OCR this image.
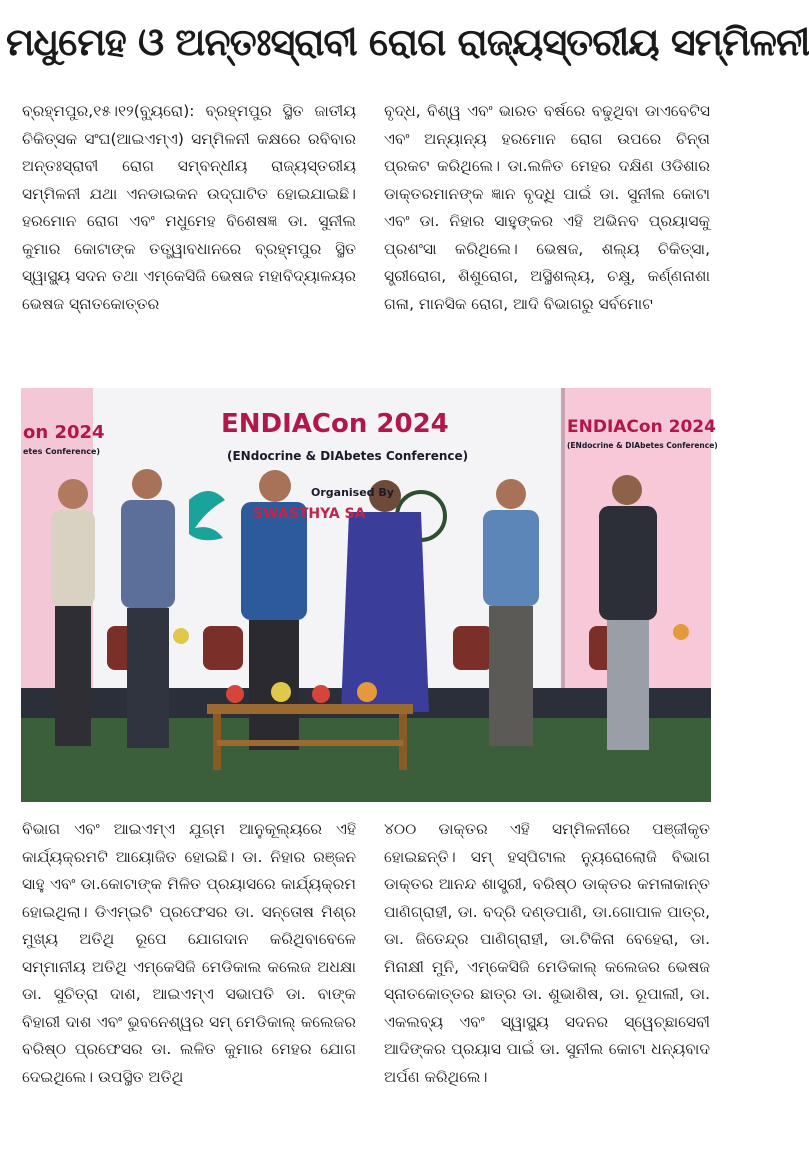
ମଧୁମେହ ଓ ଅନ୍ତଃସ୍ରାବୀ ରୋଗ ରାଜ୍ୟସ୍ତରୀୟ ସମ୍ମିଳନୀ
ବ୍ରହ୍ମପୁର,୧୫।୧୨(ବ୍ୟୁରୋ): ବ୍ରହ୍ମପୁର ସ୍ଥିତ ଜାତୀୟ ଚିକିତ୍ସକ ସଂଘ(ଆଇଏମ୍ଏ) ସମ୍ମିଳନୀ କକ୍ଷରେ ରବିବାର ଅନ୍ତଃସ୍ରାବୀ ରୋଗ ସମ୍ବନ୍ଧୀୟ ରାଜ୍ୟସ୍ତରୀୟ ସମ୍ମିଳନୀ ଯଥା ଏନଡାଇକନ ଉଦ୍‌ଘାଟିତ ହୋଇଯାଇଛି। ହରମୋନ ରୋଗ ଏବଂ ମଧୁମେହ ବିଶେଷଜ୍ଞ ଡା. ସୁନୀଲ କୁମାର କୋଟାଙ୍କ ତତ୍ତ୍ୱାବଧାନରେ ବ୍ରହ୍ମପୁର ସ୍ଥିତ ସ୍ୱାସ୍ଥ୍ୟ ସଦନ ତଥା ଏମ୍‌କେସିଜି ଭେଷଜ ମହାବିଦ୍ୟାଳୟର ଭେଷଜ ସ୍ନାତକୋତ୍ତର
ବୃଦ୍ଧ, ବିଶ୍ୱ ଏବଂ ଭାରତ ବର୍ଷରେ ବଢୁଥିବା ଡାଏବେଟିସ ଏବଂ ଅନ୍ୟାନ୍ୟ ହରମୋନ ରୋଗ ଉପରେ ଚିନ୍ତା ପ୍ରକଟ କରିଥିଲେ। ଡା.ଲଳିତ ମେହର ଦକ୍ଷିଣ ଓଡିଶାର ଡାକ୍ତରମାନଙ୍କ ଜ୍ଞାନ ବୃଦ୍ଧି ପାଇଁ ଡା. ସୁନୀଲ କୋଟା ଏବଂ ଡା. ନିହାର ସାହୁଙ୍କର ଏହି ଅଭିନବ ପ୍ରୟାସକୁ ପ୍ରଶଂସା କରିଥିଲେ। ଭେଷଜ, ଶଲ୍ୟ ଚିକିତ୍ସା, ସ୍ତ୍ରୀରୋଗ, ଶିଶୁରୋଗ, ଅସ୍ଥିଶଲ୍ୟ, ଚକ୍ଷୁ, କର୍ଣ୍ଣନାଶା ଗଳା, ମାନସିକ ରୋଗ, ଆଦି ବିଭାଗରୁ ସର୍ବମୋଟ
ENDIACon 2024
(ENdocrine & DIAbetes Conference)
Organised By
SWASTHYA SA
on 2024
etes Conference)
ENDIACon 2024
(ENdocrine & DIAbetes Conference)
ବିଭାଗ ଏବଂ ଆଇଏମ୍ଏ ଯୁଗ୍ମ ଆନୁକୂଲ୍ୟରେ ଏହି କାର୍ଯ୍ୟକ୍ରମଟି ଆୟୋଜିତ ହୋଇଛି। ଡା. ନିହାର ରଞ୍ଜନ ସାହୁ ଏବଂ ଡା.କୋଟାଙ୍କ ମିଳିତ ପ୍ରୟାସରେ କାର୍ଯ୍ୟକ୍ରମ ହୋଇଥିଲା। ଡିଏମ୍‌ଇଟି ପ୍ରଫେସର ଡା. ସନ୍ତୋଷ ମିଶ୍ର ମୁଖ୍ୟ ଅତିଥି ରୂପେ ଯୋଗଦାନ କରିଥିବାବେଳେ ସମ୍ମାନୀୟ ଅତିଥି ଏମ୍‌କେସିଜି ମେଡିକାଲ କଲେଜ ଅଧକ୍ଷା ଡା. ସୁଚିତ୍ରା ଦାଶ, ଆଇଏମ୍ଏ ସଭାପତି ଡା. ବାଙ୍କ ବିହାରୀ ଦାଶ ଏବଂ ଭୁବନେଶ୍ୱର ସମ୍ ମେଡିକାଲ୍ କଲେଜର ବରିଷ୍ଠ ପ୍ରଫେସର ଡା. ଲଳିତ କୁମାର ମେହର ଯୋଗ ଦେଇଥିଲେ। ଉପସ୍ଥିତ ଅତିଥି
୪୦୦ ଡାକ୍ତର ଏହି ସମ୍ମିଳନୀରେ ପଞ୍ଜୀକୃତ ହୋଇଛନ୍ତି। ସମ୍ ହସ୍ପିଟାଲ ନ୍ୟୁରୋଲୋଜି ବିଭାଗ ଡାକ୍ତର ଆନନ୍ଦ ଶାସ୍ତ୍ରୀ, ବରିଷ୍ଠ ଡାକ୍ତର କମଳାକାନ୍ତ ପାଣିଗ୍ରାହୀ, ଡା. ବଦ୍ରି ଦଣ୍ଡପାଣି, ଡା.ଗୋପାଳ ପାତ୍ର, ଡା. ଜିତେନ୍ଦ୍ର ପାଣିଗ୍ରାହୀ, ଡା.ଟିକିନା ବେହେରା, ଡା. ମିନାକ୍ଷୀ ମୁନି, ଏମ୍‌କେସିଜି ମେଡିକାଲ୍ କଲେଜର ଭେଷଜ ସ୍ନାତକୋତ୍ତର ଛାତ୍ର ଡା. ଶୁଭାଶିଷ, ଡା. ରୂପାଲୀ, ଡା. ଏକଲବ୍ୟ ଏବଂ ସ୍ୱାସ୍ଥ୍ୟ ସଦନର ସ୍ୱେଚ୍ଛାସେବୀ ଆଦିଙ୍କର ପ୍ରୟାସ ପାଇଁ ଡା. ସୁନୀଲ କୋଟା ଧନ୍ୟବାଦ ଅର୍ପଣ କରିଥିଲେ।
